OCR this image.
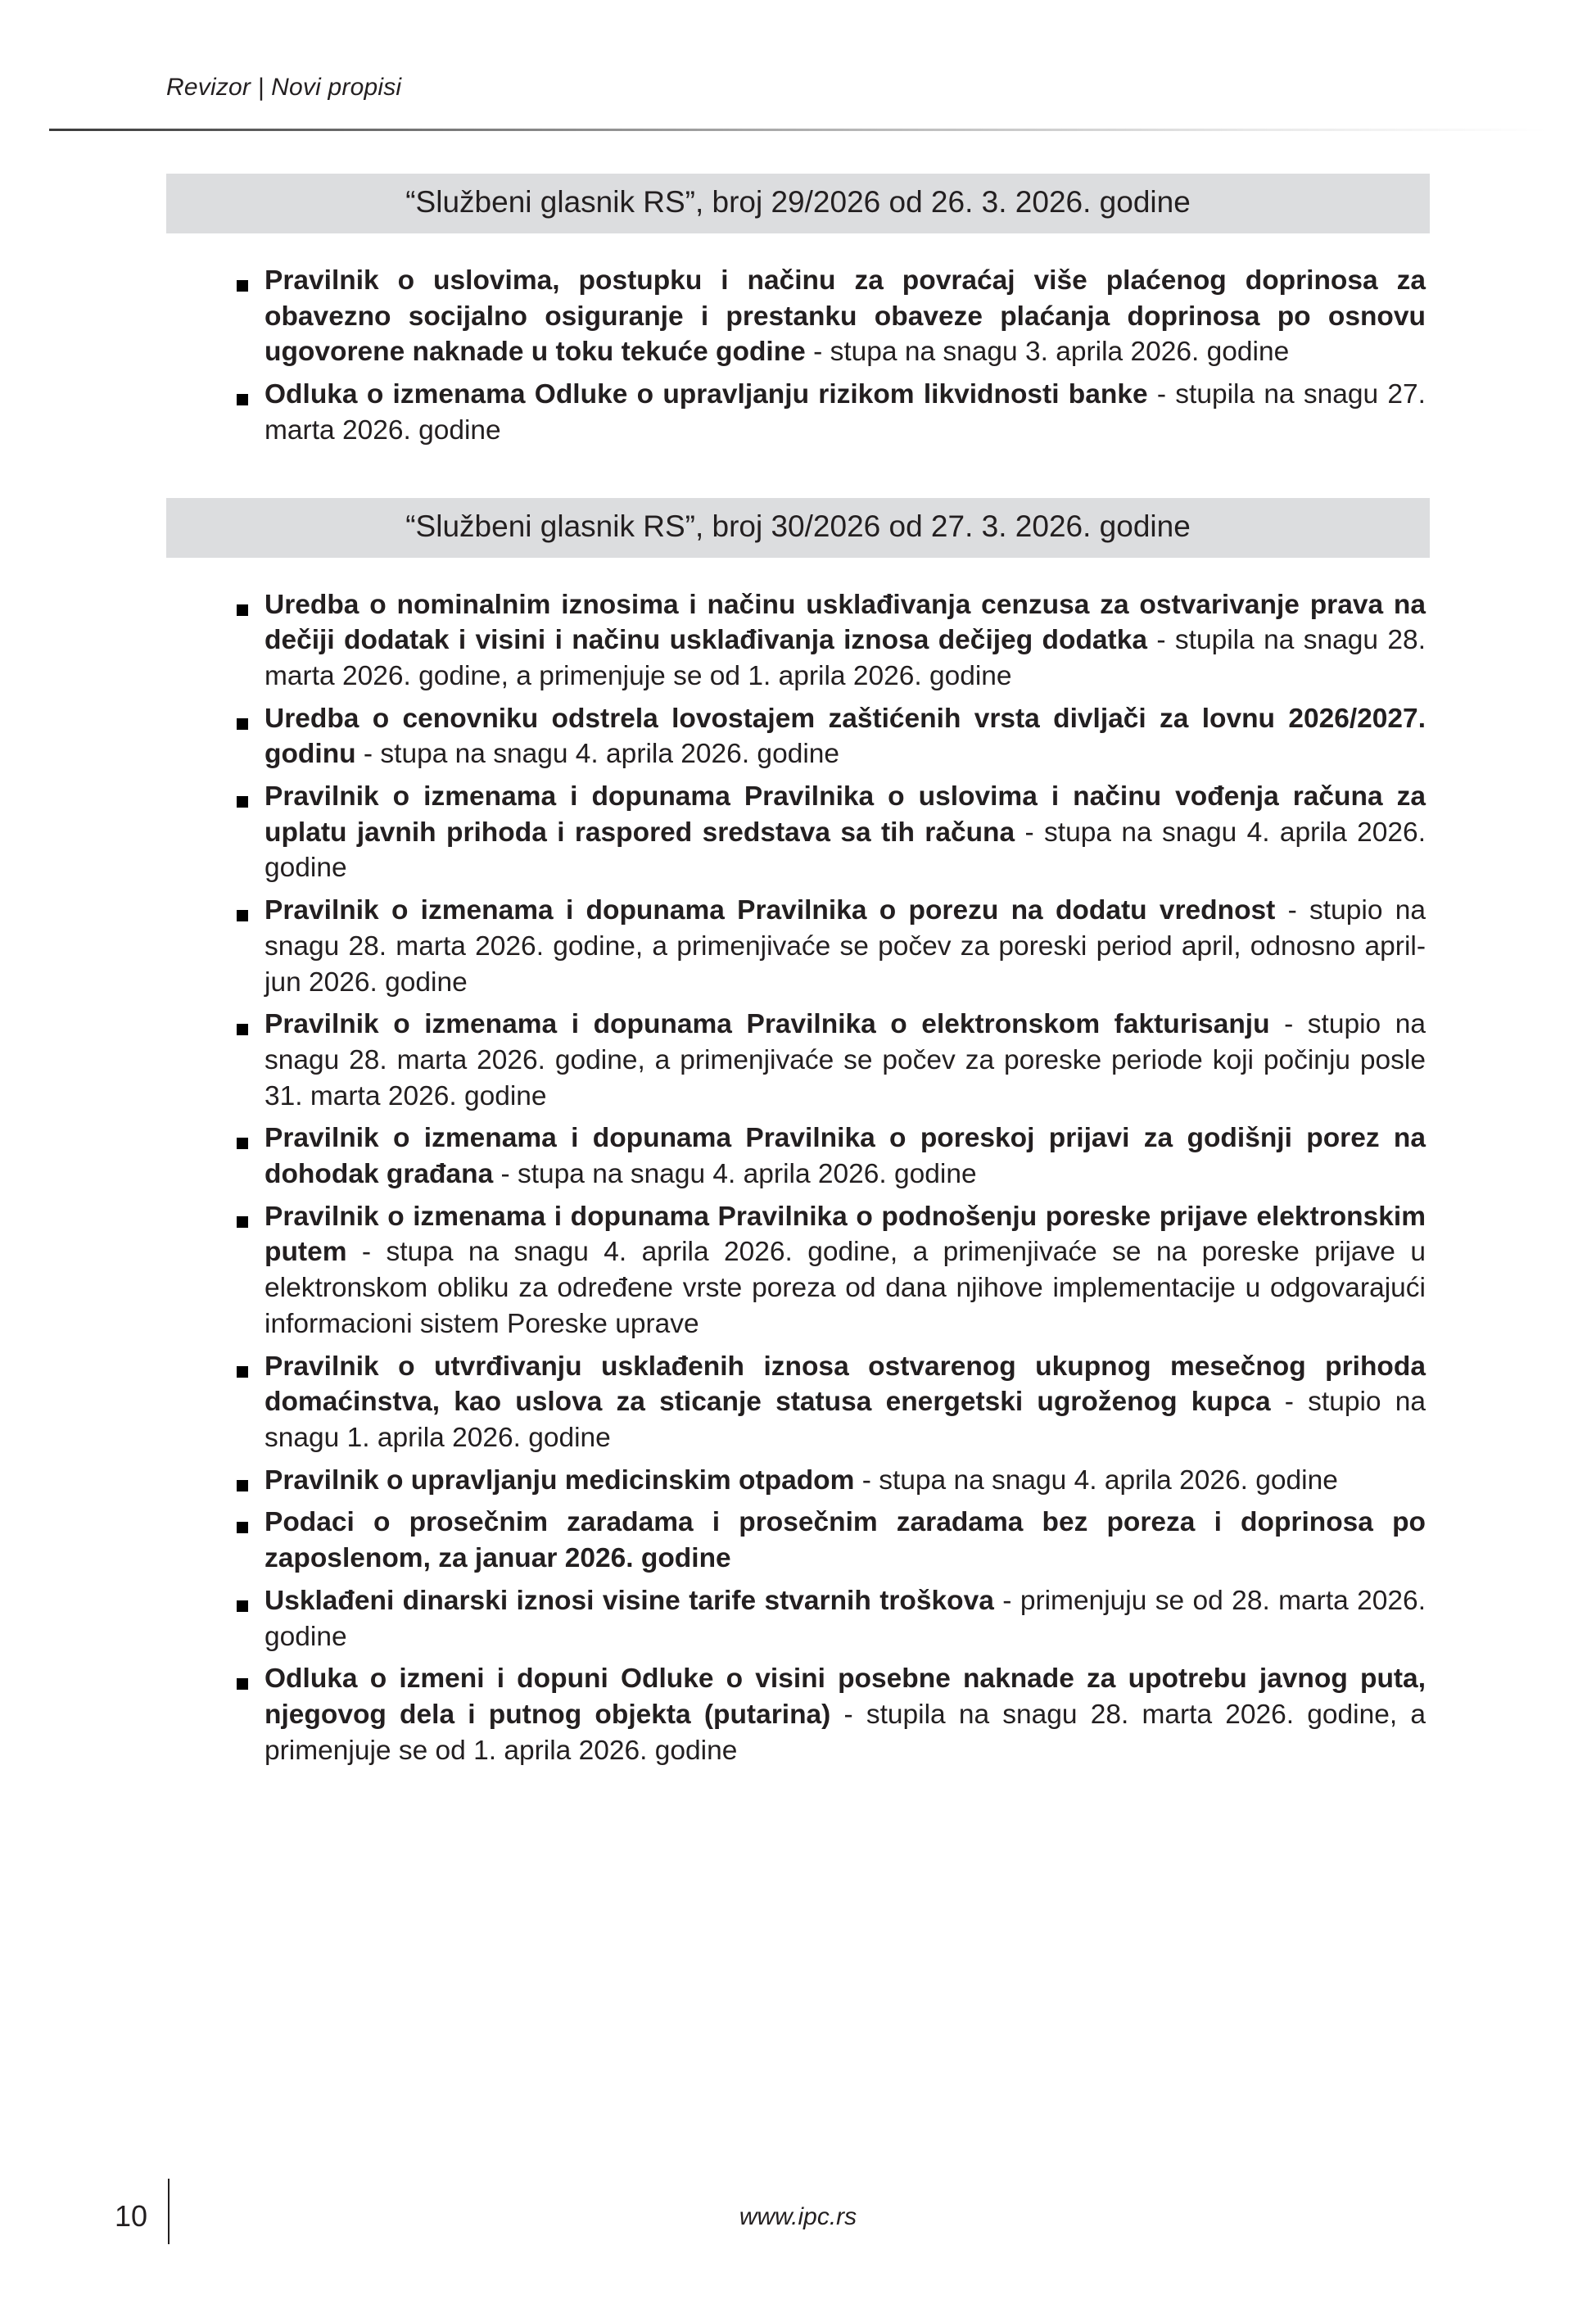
Revizor | Novi propisi
“Službeni glasnik RS”, broj 29/2026 od 26. 3. 2026. godine
Pravilnik o uslovima, postupku i načinu za povraćaj više plaćenog doprinosa za obavezno socijalno osiguranje i prestanku obaveze plaćanja doprinosa po osnovu ugovorene naknade u toku tekuće godine - stupa na snagu 3. aprila 2026. godine
Odluka o izmenama Odluke o upravljanju rizikom likvidnosti banke - stupila na snagu 27. marta 2026. godine
“Službeni glasnik RS”, broj 30/2026 od 27. 3. 2026. godine
Uredba o nominalnim iznosima i načinu usklađivanja cenzusa za ostvarivanje prava na dečiji dodatak i visini i načinu usklađivanja iznosa dečijeg dodatka - stupila na snagu 28. marta 2026. godine, a primenjuje se od 1. aprila 2026. godine
Uredba o cenovniku odstrela lovostajem zaštićenih vrsta divljači za lovnu 2026/2027. godinu - stupa na snagu 4. aprila 2026. godine
Pravilnik o izmenama i dopunama Pravilnika o uslovima i načinu vođenja računa za uplatu javnih prihoda i raspored sredstava sa tih računa - stupa na snagu 4. aprila 2026. godine
Pravilnik o izmenama i dopunama Pravilnika o porezu na dodatu vrednost - stupio na snagu 28. marta 2026. godine, a primenjivaće se počev za poreski period april, odnosno april-jun 2026. godine
Pravilnik o izmenama i dopunama Pravilnika o elektronskom fakturisanju - stupio na snagu 28. marta 2026. godine, a primenjivaće se počev za poreske periode koji počinju posle 31. marta 2026. godine
Pravilnik o izmenama i dopunama Pravilnika o poreskoj prijavi za godišnji porez na dohodak građana - stupa na snagu 4. aprila 2026. godine
Pravilnik o izmenama i dopunama Pravilnika o podnošenju poreske prijave elektronskim putem - stupa na snagu 4. aprila 2026. godine, a primenjivaće se na poreske prijave u elektronskom obliku za određene vrste poreza od dana njihove implementacije u odgovarajući informacioni sistem Poreske uprave
Pravilnik o utvrđivanju usklađenih iznosa ostvarenog ukupnog mesečnog prihoda domaćinstva, kao uslova za sticanje statusa energetski ugroženog kupca - stupio na snagu 1. aprila 2026. godine
Pravilnik o upravljanju medicinskim otpadom - stupa na snagu 4. aprila 2026. godine
Podaci o prosečnim zaradama i prosečnim zaradama bez poreza i doprinosa po zaposlenom, za januar 2026. godine
Usklađeni dinarski iznosi visine tarife stvarnih troškova - primenjuju se od 28. marta 2026. godine
Odluka o izmeni i dopuni Odluke o visini posebne naknade za upotrebu javnog puta, njegovog dela i putnog objekta (putarina) - stupila na snagu 28. marta 2026. godine, a primenjuje se od 1. aprila 2026. godine
10	www.ipc.rs
